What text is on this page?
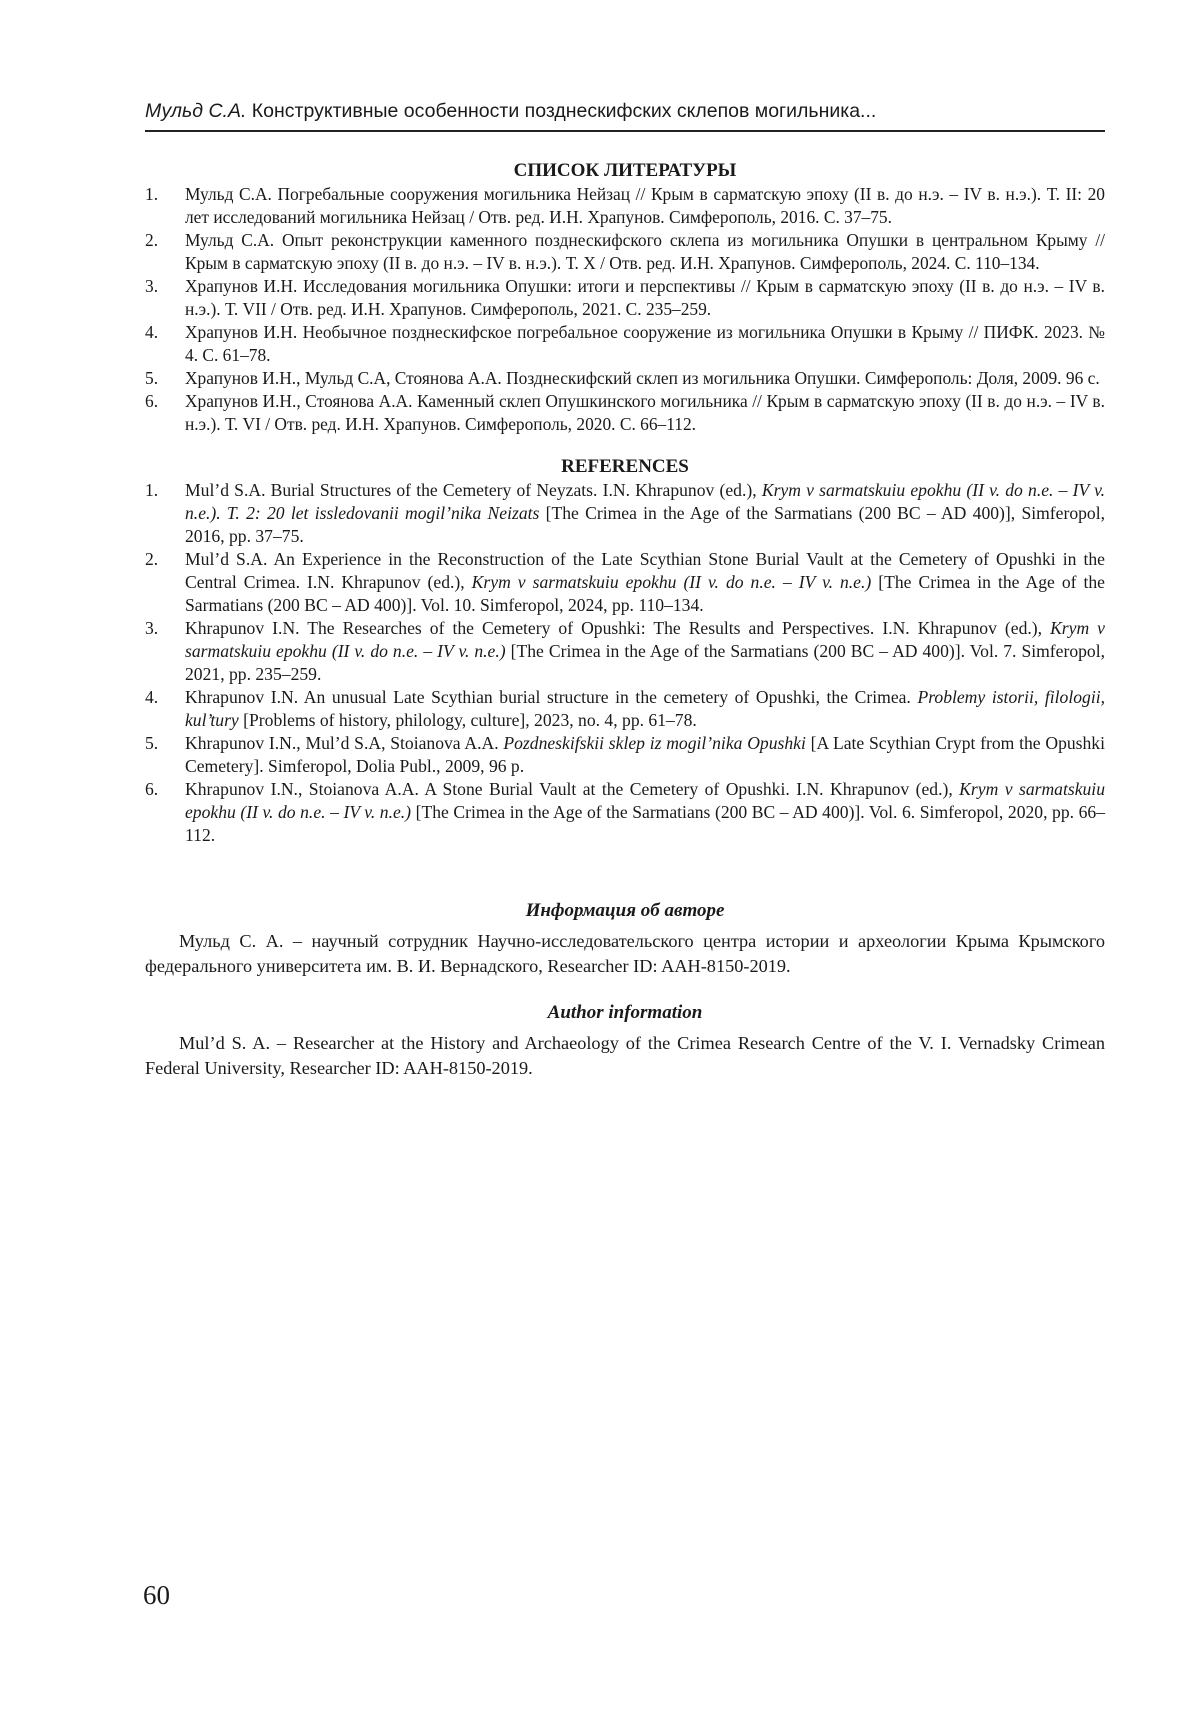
Мульд С.А. Конструктивные особенности позднескифских склепов могильника...
СПИСОК ЛИТЕРАТУРЫ
1. Мульд С.А. Погребальные сооружения могильника Нейзац // Крым в сарматскую эпоху (II в. до н.э. – IV в. н.э.). Т. II: 20 лет исследований могильника Нейзац / Отв. ред. И.Н. Храпунов. Симферополь, 2016. С. 37–75.
2. Мульд С.А. Опыт реконструкции каменного позднескифского склепа из могильника Опушки в центральном Крыму // Крым в сарматскую эпоху (II в. до н.э. – IV в. н.э.). Т. X / Отв. ред. И.Н. Храпунов. Симферополь, 2024. С. 110–134.
3. Храпунов И.Н. Исследования могильника Опушки: итоги и перспективы // Крым в сарматскую эпоху (II в. до н.э. – IV в. н.э.). Т. VII / Отв. ред. И.Н. Храпунов. Симферополь, 2021. С. 235–259.
4. Храпунов И.Н. Необычное позднескифское погребальное сооружение из могильника Опушки в Крыму // ПИФК. 2023. № 4. С. 61–78.
5. Храпунов И.Н., Мульд С.А, Стоянова А.А. Позднескифский склеп из могильника Опушки. Симферополь: Доля, 2009. 96 с.
6. Храпунов И.Н., Стоянова А.А. Каменный склеп Опушкинского могильника // Крым в сарматскую эпоху (II в. до н.э. – IV в. н.э.). Т. VI / Отв. ред. И.Н. Храпунов. Симферополь, 2020. С. 66–112.
REFERENCES
1. Mul’d S.A. Burial Structures of the Cemetery of Neyzats. I.N. Khrapunov (ed.), Krym v sarmatskuiu epokhu (II v. do n.e. – IV v. n.e.). T. 2: 20 let issledovanii mogil’nika Neizats [The Crimea in the Age of the Sarmatians (200 BC – AD 400)], Simferopol, 2016, pp. 37–75.
2. Mul’d S.A. An Experience in the Reconstruction of the Late Scythian Stone Burial Vault at the Cemetery of Opushki in the Central Crimea. I.N. Khrapunov (ed.), Krym v sarmatskuiu epokhu (II v. do n.e. – IV v. n.e.) [The Crimea in the Age of the Sarmatians (200 BC – AD 400)]. Vol. 10. Simferopol, 2024, pp. 110–134.
3. Khrapunov I.N. The Researches of the Cemetery of Opushki: The Results and Perspectives. I.N. Khrapunov (ed.), Krym v sarmatskuiu epokhu (II v. do n.e. – IV v. n.e.) [The Crimea in the Age of the Sarmatians (200 BC – AD 400)]. Vol. 7. Simferopol, 2021, pp. 235–259.
4. Khrapunov I.N. An unusual Late Scythian burial structure in the cemetery of Opushki, the Crimea. Problemy istorii, filologii, kul’tury [Problems of history, philology, culture], 2023, no. 4, pp. 61–78.
5. Khrapunov I.N., Mul’d S.A, Stoianova A.A. Pozdneskifskii sklep iz mogil’nika Opushki [A Late Scythian Crypt from the Opushki Cemetery]. Simferopol, Dolia Publ., 2009, 96 p.
6. Khrapunov I.N., Stoianova A.A. A Stone Burial Vault at the Cemetery of Opushki. I.N. Khrapunov (ed.), Krym v sarmatskuiu epokhu (II v. do n.e. – IV v. n.e.) [The Crimea in the Age of the Sarmatians (200 BC – AD 400)]. Vol. 6. Simferopol, 2020, pp. 66–112.
Информация об авторе

Мульд С. А. – научный сотрудник Научно-исследовательского центра истории и археологии Крыма Крымского федерального университета им. В. И. Вернадского, Researcher ID: AAH-8150-2019.

Author information

Mul’d S. A. – Researcher at the History and Archaeology of the Crimea Research Centre of the V. I. Vernadsky Crimean Federal University, Researcher ID: AAH-8150-2019.

60
